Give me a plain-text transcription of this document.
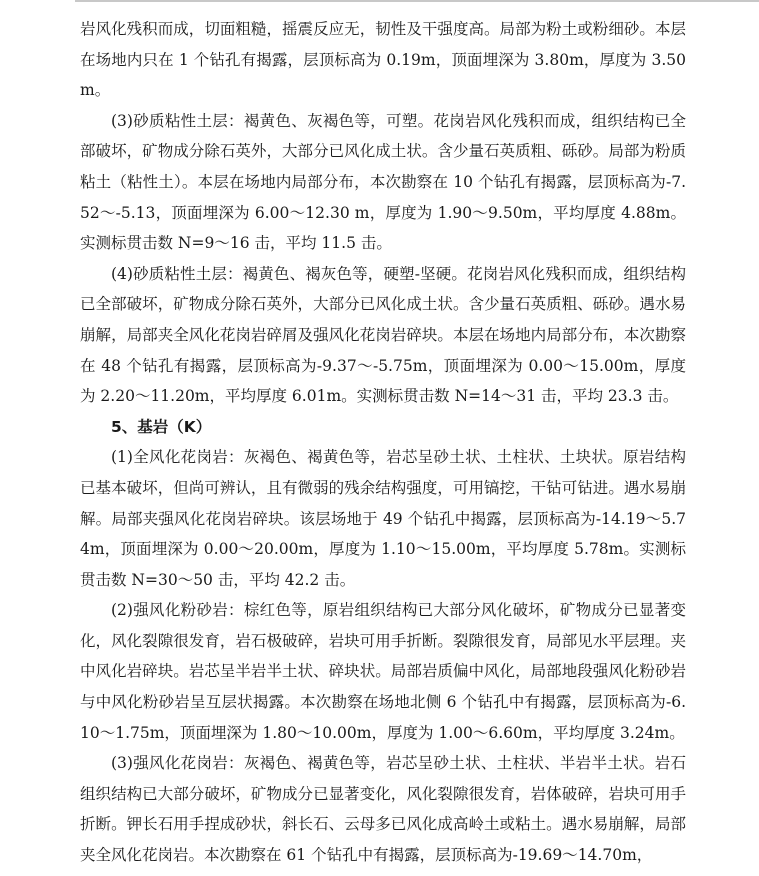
岩风化残积而成，切面粗糙，摇震反应无，韧性及干强度高。局部为粉土或粉细砂。本层在场地内只在 1 个钻孔有揭露，层顶标高为 0.19m，顶面埋深为 3.80m，厚度为 3.50m。

(3)砂质粘性土层：褐黄色、灰褐色等，可塑。花岗岩风化残积而成，组织结构已全部破坏，矿物成分除石英外，大部分已风化成土状。含少量石英质粗、砾砂。局部为粉质粘土（粘性土）。本层在场地内局部分布，本次勘察在 10 个钻孔有揭露，层顶标高为-7.52～-5.13，顶面埋深为 6.00～12.30 m，厚度为 1.90～9.50m，平均厚度 4.88m。实测标贯击数 N=9～16 击，平均 11.5 击。

(4)砂质粘性土层：褐黄色、褐灰色等，硬塑-坚硬。花岗岩风化残积而成，组织结构已全部破坏，矿物成分除石英外，大部分已风化成土状。含少量石英质粗、砾砂。遇水易崩解，局部夹全风化花岗岩碎屑及强风化花岗岩碎块。本层在场地内局部分布，本次勘察在 48 个钻孔有揭露，层顶标高为-9.37～-5.75m，顶面埋深为 0.00～15.00m，厚度为 2.20～11.20m，平均厚度 6.01m。实测标贯击数 N=14～31 击，平均 23.3 击。

5、基岩（K）

(1)全风化花岗岩：灰褐色、褐黄色等，岩芯呈砂土状、土柱状、土块状。原岩结构已基本破坏，但尚可辨认，且有微弱的残余结构强度，可用镐挖，干钻可钻进。遇水易崩解。局部夹强风化花岗岩碎块。该层场地于 49 个钻孔中揭露，层顶标高为-14.19～5.74m，顶面埋深为 0.00～20.00m，厚度为 1.10～15.00m，平均厚度 5.78m。实测标贯击数 N=30～50 击，平均 42.2 击。

(2)强风化粉砂岩：棕红色等，原岩组织结构已大部分风化破坏，矿物成分已显著变化，风化裂隙很发育，岩石极破碎，岩块可用手折断。裂隙很发育，局部见水平层理。夹中风化岩碎块。岩芯呈半岩半土状、碎块状。局部岩质偏中风化，局部地段强风化粉砂岩与中风化粉砂岩呈互层状揭露。本次勘察在场地北侧 6 个钻孔中有揭露，层顶标高为-6.10～1.75m，顶面埋深为 1.80～10.00m，厚度为 1.00～6.60m，平均厚度 3.24m。

(3)强风化花岗岩：灰褐色、褐黄色等，岩芯呈砂土状、土柱状、半岩半土状。岩石组织结构已大部分破坏，矿物成分已显著变化，风化裂隙很发育，岩体破碎，岩块可用手折断。钾长石用手捏成砂状，斜长石、云母多已风化成高岭土或粘土。遇水易崩解，局部夹全风化花岗岩。本次勘察在 61 个钻孔中有揭露，层顶标高为-19.69～14.70m，
